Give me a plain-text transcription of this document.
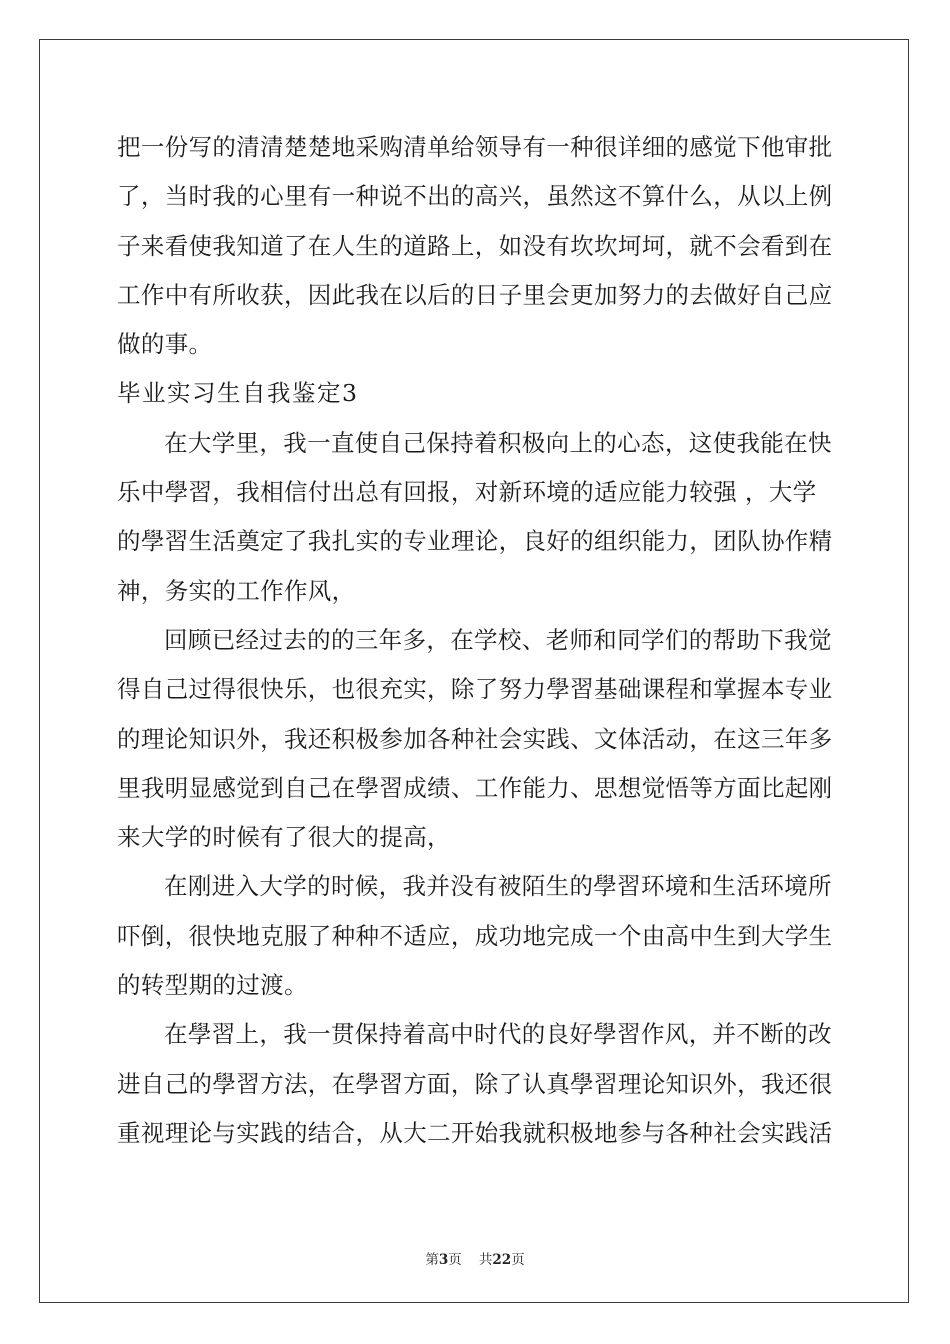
把一份写的清清楚楚地采购清单给领导有一种很详细的感觉下他审批
了，当时我的心里有一种说不出的高兴，虽然这不算什么，从以上例
子来看使我知道了在人生的道路上，如没有坎坎坷坷，就不会看到在
工作中有所收获，因此我在以后的日子里会更加努力的去做好自己应
做的事。
毕业实习生自我鉴定3
在大学里，我一直使自己保持着积极向上的心态，这使我能在快
乐中學習，我相信付出总有回报，对新环境的适应能力较强 ，大学
的學習生活奠定了我扎实的专业理论，良好的组织能力，团队协作精
神，务实的工作作风，
回顾已经过去的的三年多，在学校、老师和同学们的帮助下我觉
得自己过得很快乐，也很充实，除了努力學習基础课程和掌握本专业
的理论知识外，我还积极参加各种社会实践、文体活动，在这三年多
里我明显感觉到自己在學習成绩、工作能力、思想觉悟等方面比起刚
来大学的时候有了很大的提高，
在刚进入大学的时候，我并没有被陌生的學習环境和生活环境所
吓倒，很快地克服了种种不适应，成功地完成一个由高中生到大学生
的转型期的过渡。
在學習上，我一贯保持着高中时代的良好學習作风，并不断的改
进自己的學習方法，在學習方面，除了认真學習理论知识外，我还很
重视理论与实践的结合，从大二开始我就积极地参与各种社会实践活
第3页    共22页
